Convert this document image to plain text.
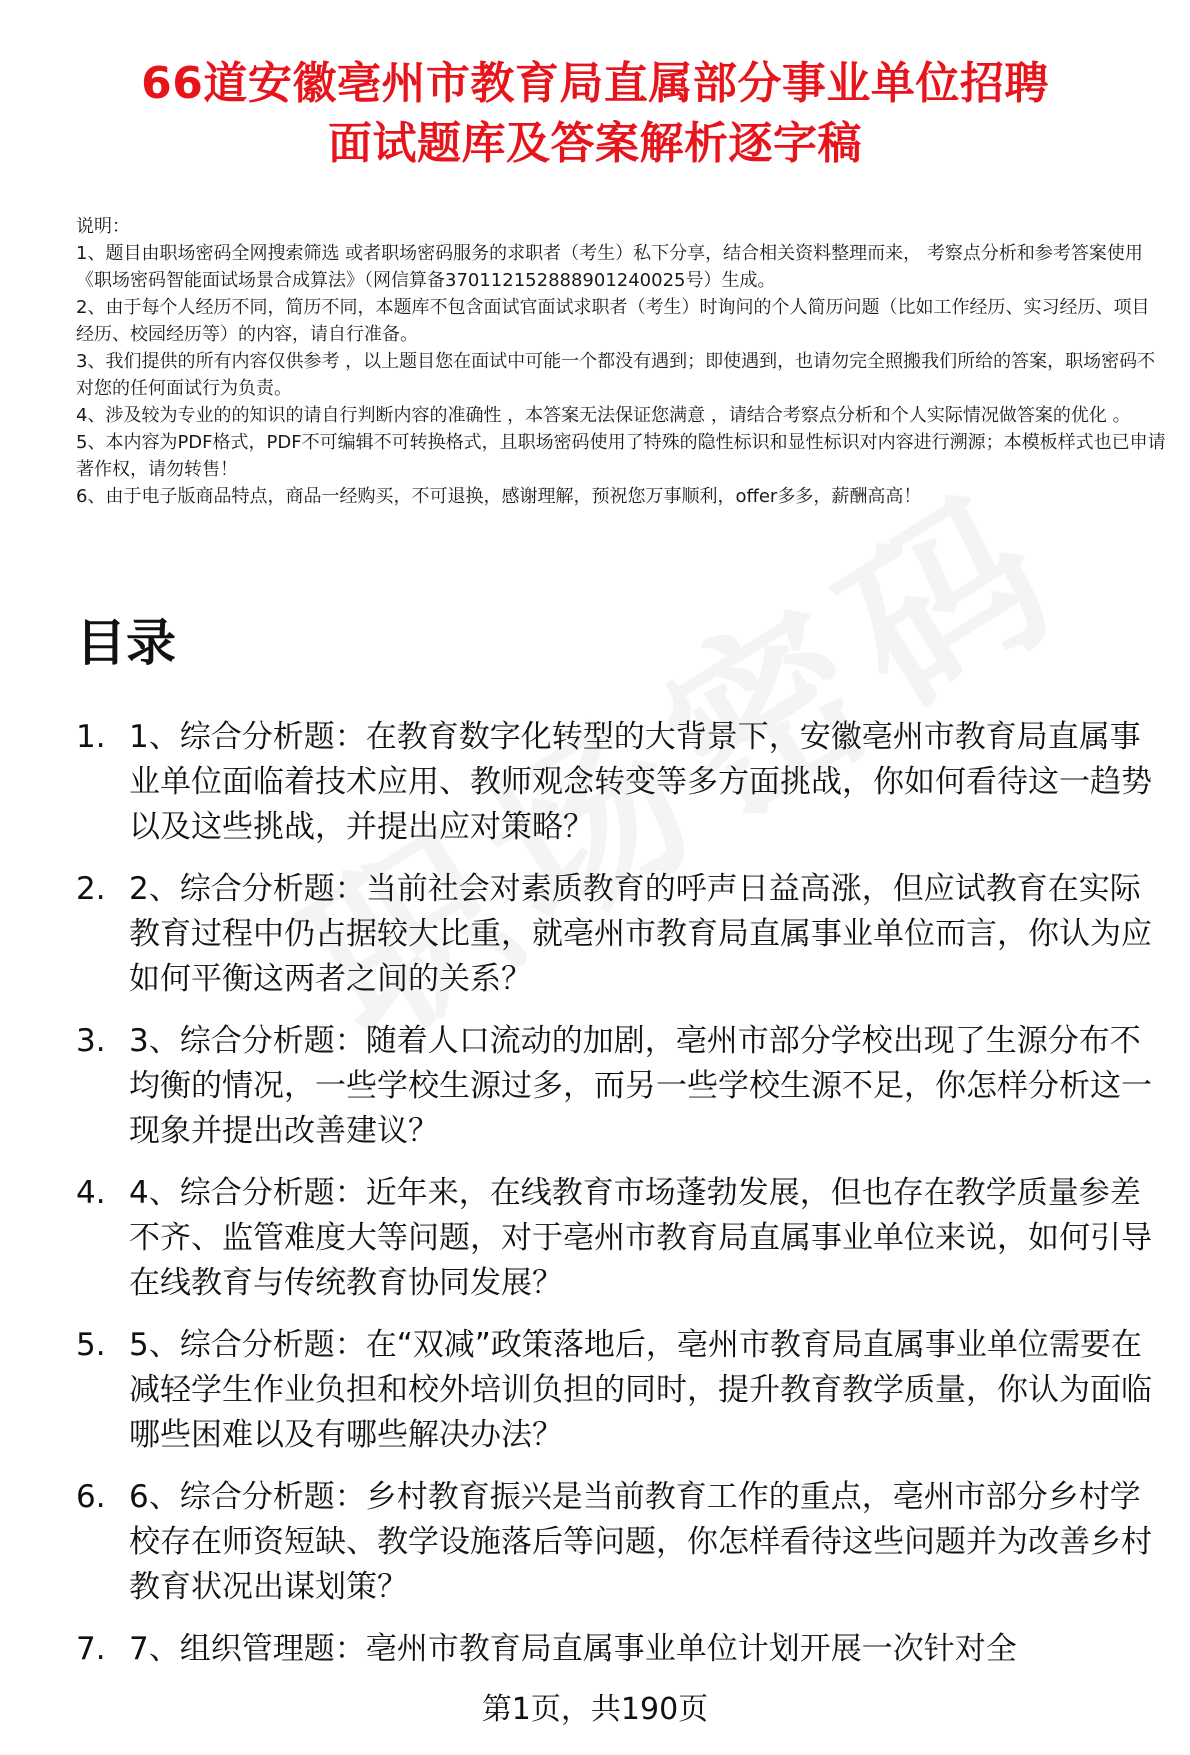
66道安徽亳州市教育局直属部分事业单位招聘
面试题库及答案解析逐字稿

说明：

1、题目由职场密码全网搜索筛选 或者职场密码服务的求职者（考生）私下分享，结合相关资料整理而来， 考察点分析和参考答案使用《职场密码智能面试场景合成算法》（网信算备370112152888901240025号）生成。

2、由于每个人经历不同，简历不同，本题库不包含面试官面试求职者（考生）时询问的个人简历问题（比如工作经历、实习经历、项目经历、校园经历等）的内容，请自行准备。

3、我们提供的所有内容仅供参考 ，以上题目您在面试中可能一个都没有遇到；即使遇到，也请勿完全照搬我们所给的答案，职场密码不对您的任何面试行为负责。

4、涉及较为专业的的知识的请自行判断内容的准确性 ，本答案无法保证您满意 ，请结合考察点分析和个人实际情况做答案的优化 。

5、本内容为PDF格式，PDF不可编辑不可转换格式，且职场密码使用了特殊的隐性标识和显性标识对内容进行溯源；本模板样式也已申请著作权，请勿转售！

6、由于电子版商品特点，商品一经购买，不可退换，感谢理解，预祝您万事顺利，offer多多，薪酬高高！

目录
1. 1、综合分析题：在教育数字化转型的大背景下，安徽亳州市教育局直属事业单位面临着技术应用、教师观念转变等多方面挑战，你如何看待这一趋势以及这些挑战，并提出应对策略？
2. 2、综合分析题：当前社会对素质教育的呼声日益高涨，但应试教育在实际教育过程中仍占据较大比重，就亳州市教育局直属事业单位而言，你认为应如何平衡这两者之间的关系？
3. 3、综合分析题：随着人口流动的加剧，亳州市部分学校出现了生源分布不均衡的情况，一些学校生源过多，而另一些学校生源不足，你怎样分析这一现象并提出改善建议？
4. 4、综合分析题：近年来，在线教育市场蓬勃发展，但也存在教学质量参差不齐、监管难度大等问题，对于亳州市教育局直属事业单位来说，如何引导在线教育与传统教育协同发展？
5. 5、综合分析题：在“双减”政策落地后，亳州市教育局直属事业单位需要在减轻学生作业负担和校外培训负担的同时，提升教育教学质量，你认为面临哪些困难以及有哪些解决办法？
6. 6、综合分析题：乡村教育振兴是当前教育工作的重点，亳州市部分乡村学校存在师资短缺、教学设施落后等问题，你怎样看待这些问题并为改善乡村教育状况出谋划策？
7. 7、组织管理题：亳州市教育局直属事业单位计划开展一次针对全
第1页，共190页
